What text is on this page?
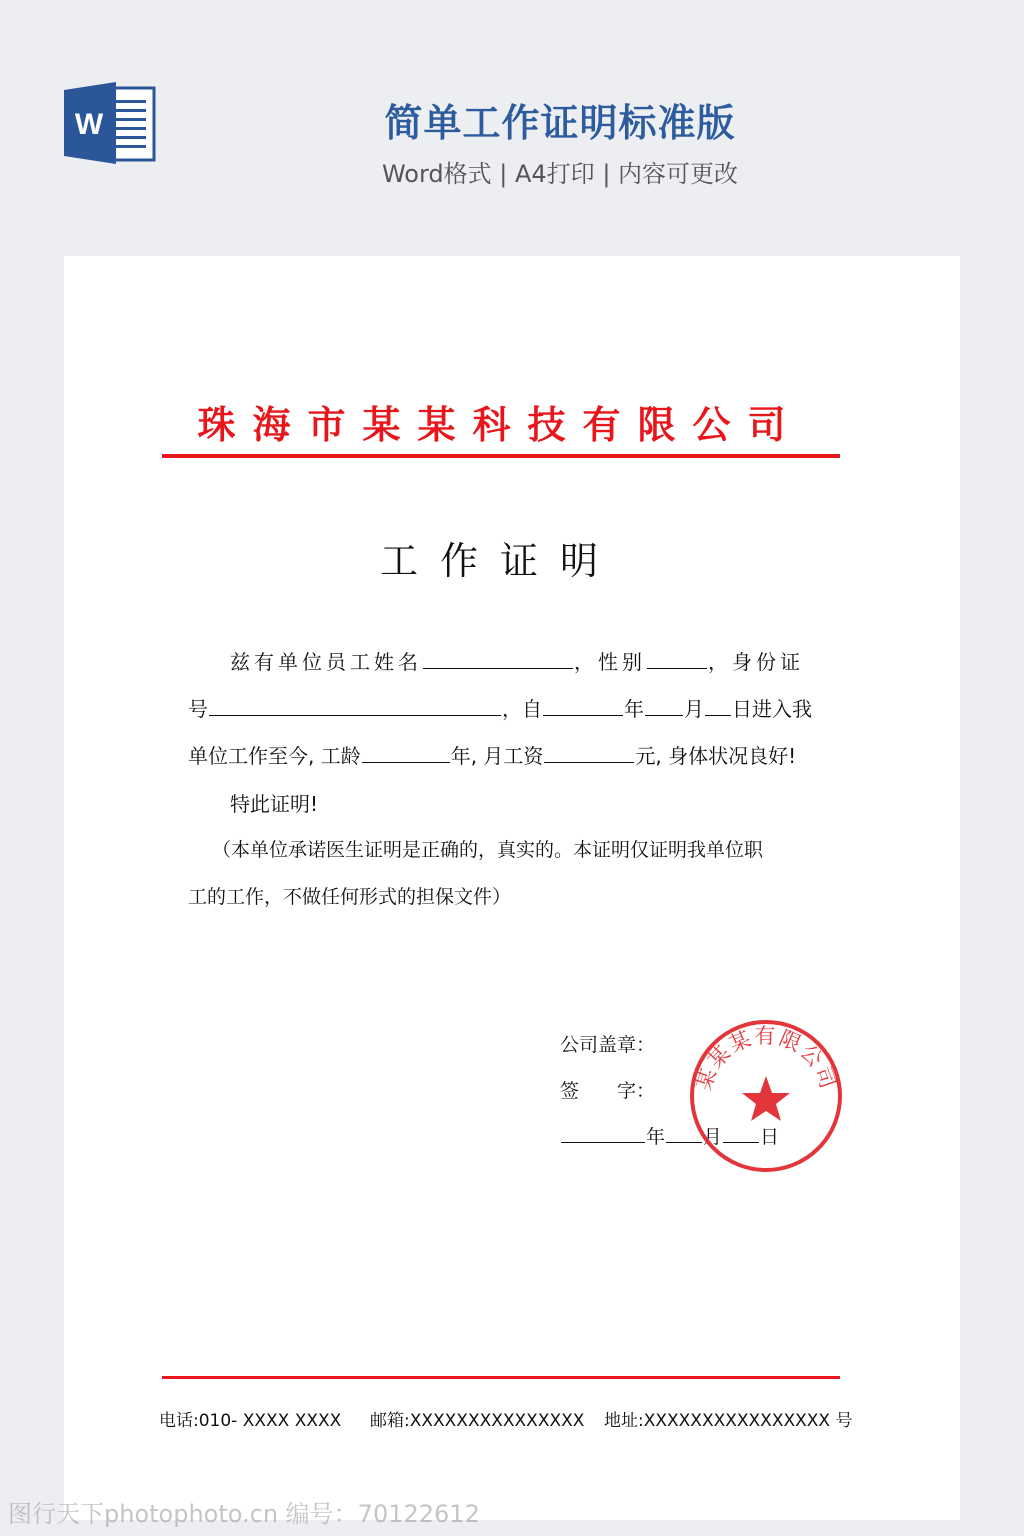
W	简单工作证明标准版
Word格式 | A4打印 | 内容可更改
珠海市某某科技有限公司
工作证明
兹有单位员工姓名	，性别	，身份证
号	，自	年 月 日进入我
单位工作至今, 工龄	年, 月工资	元, 身体状况良好!
特此证明!
（本单位承诺医生证明是正确的，真实的。本证明仅证明我单位职
工的工作，不做任何形式的担保文件）
公司盖章：
签 字：
年 月 日
某某某有限公司
电话:010- XXXX XXXX 邮箱:XXXXXXXXXXXXXXX 地址:XXXXXXXXXXXXXXXX 号
图行天下photophoto.cn 编号：70122612
